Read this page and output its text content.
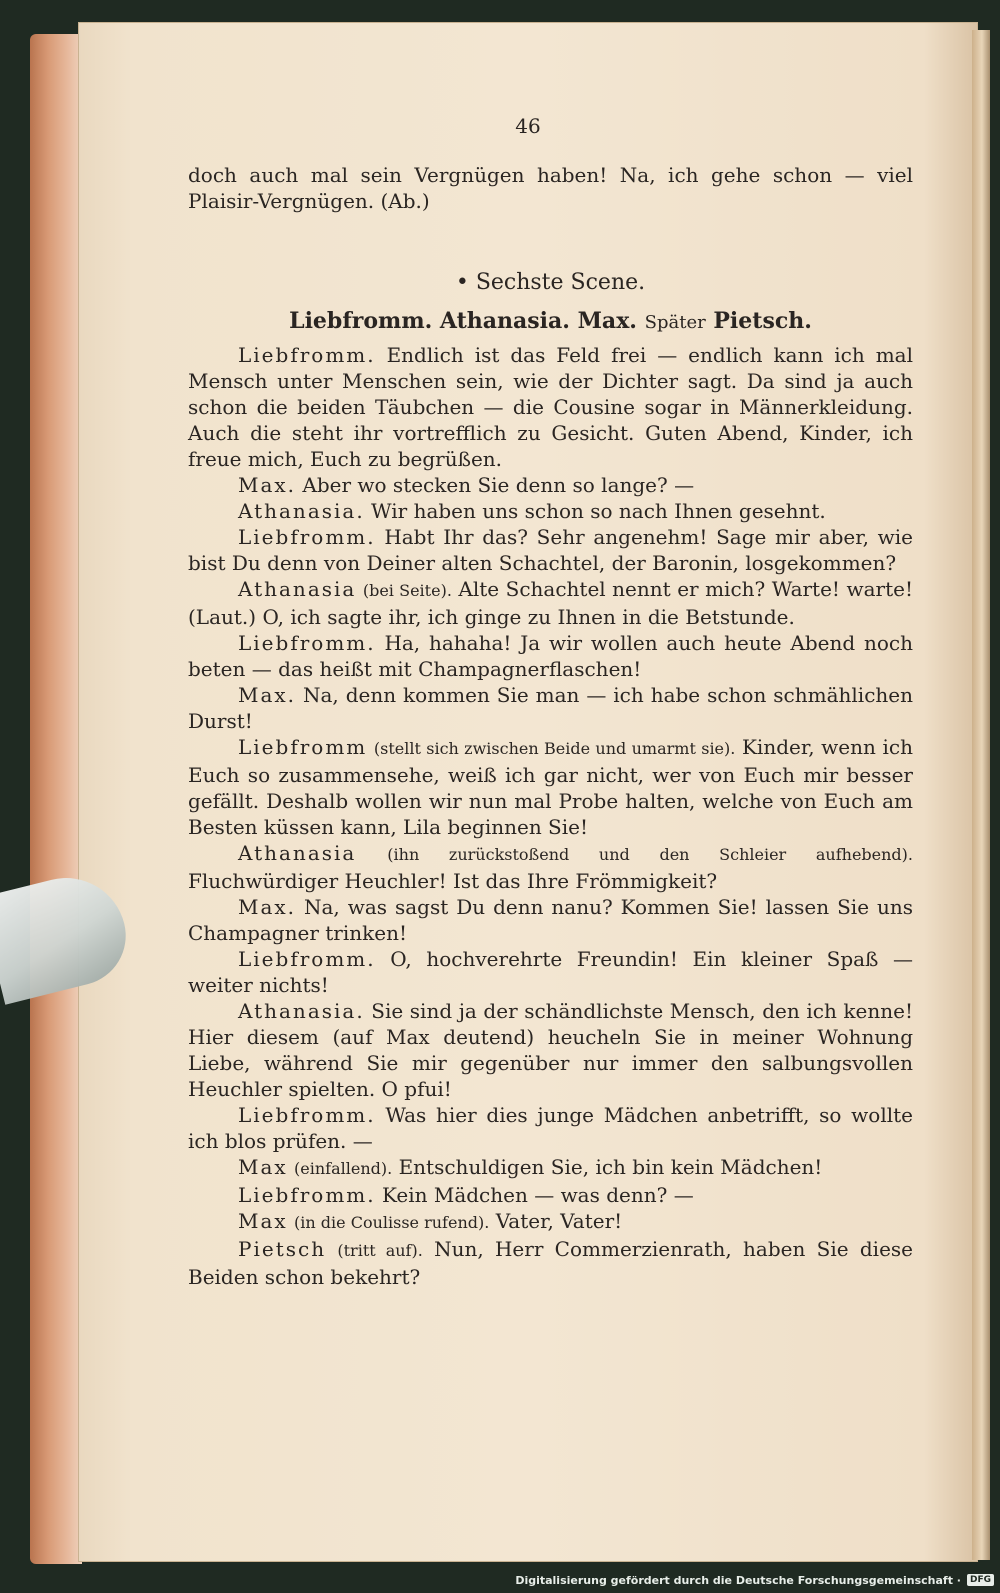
46

doch auch mal sein Vergnügen haben! Na, ich gehe schon — viel Plaisir-Vergnügen. (Ab.)

• Sechste Scene.
Liebfromm. Athanasia. Max. Später Pietsch.

Liebfromm. Endlich ist das Feld frei — endlich kann ich mal Mensch unter Menschen sein, wie der Dichter sagt. Da sind ja auch schon die beiden Täubchen — die Cousine sogar in Männerkleidung. Auch die steht ihr vortrefflich zu Gesicht. Guten Abend, Kinder, ich freue mich, Euch zu begrüßen.

Max. Aber wo stecken Sie denn so lange? —

Athanasia. Wir haben uns schon so nach Ihnen gesehnt.

Liebfromm. Habt Ihr das? Sehr angenehm! Sage mir aber, wie bist Du denn von Deiner alten Schachtel, der Baronin, losgekommen?

Athanasia (bei Seite). Alte Schachtel nennt er mich? Warte! warte! (Laut.) O, ich sagte ihr, ich ginge zu Ihnen in die Betstunde.

Liebfromm. Ha, hahaha! Ja wir wollen auch heute Abend noch beten — das heißt mit Champagnerflaschen!

Max. Na, denn kommen Sie man — ich habe schon schmählichen Durst!

Liebfromm (stellt sich zwischen Beide und umarmt sie). Kinder, wenn ich Euch so zusammensehe, weiß ich gar nicht, wer von Euch mir besser gefällt. Deshalb wollen wir nun mal Probe halten, welche von Euch am Besten küssen kann, Lila beginnen Sie!

Athanasia (ihn zurückstoßend und den Schleier aufhebend). Fluchwürdiger Heuchler! Ist das Ihre Frömmigkeit?

Max. Na, was sagst Du denn nanu? Kommen Sie! lassen Sie uns Champagner trinken!

Liebfromm. O, hochverehrte Freundin! Ein kleiner Spaß — weiter nichts!

Athanasia. Sie sind ja der schändlichste Mensch, den ich kenne! Hier diesem (auf Max deutend) heucheln Sie in meiner Wohnung Liebe, während Sie mir gegenüber nur immer den salbungsvollen Heuchler spielten. O pfui!

Liebfromm. Was hier dies junge Mädchen anbetrifft, so wollte ich blos prüfen. —

Max (einfallend). Entschuldigen Sie, ich bin kein Mädchen!

Liebfromm. Kein Mädchen — was denn? —

Max (in die Coulisse rufend). Vater, Vater!

Pietsch (tritt auf). Nun, Herr Commerzienrath, haben Sie diese Beiden schon bekehrt?

Digitalisierung gefördert durch die Deutsche Forschungsgemeinschaft ·	DFG
